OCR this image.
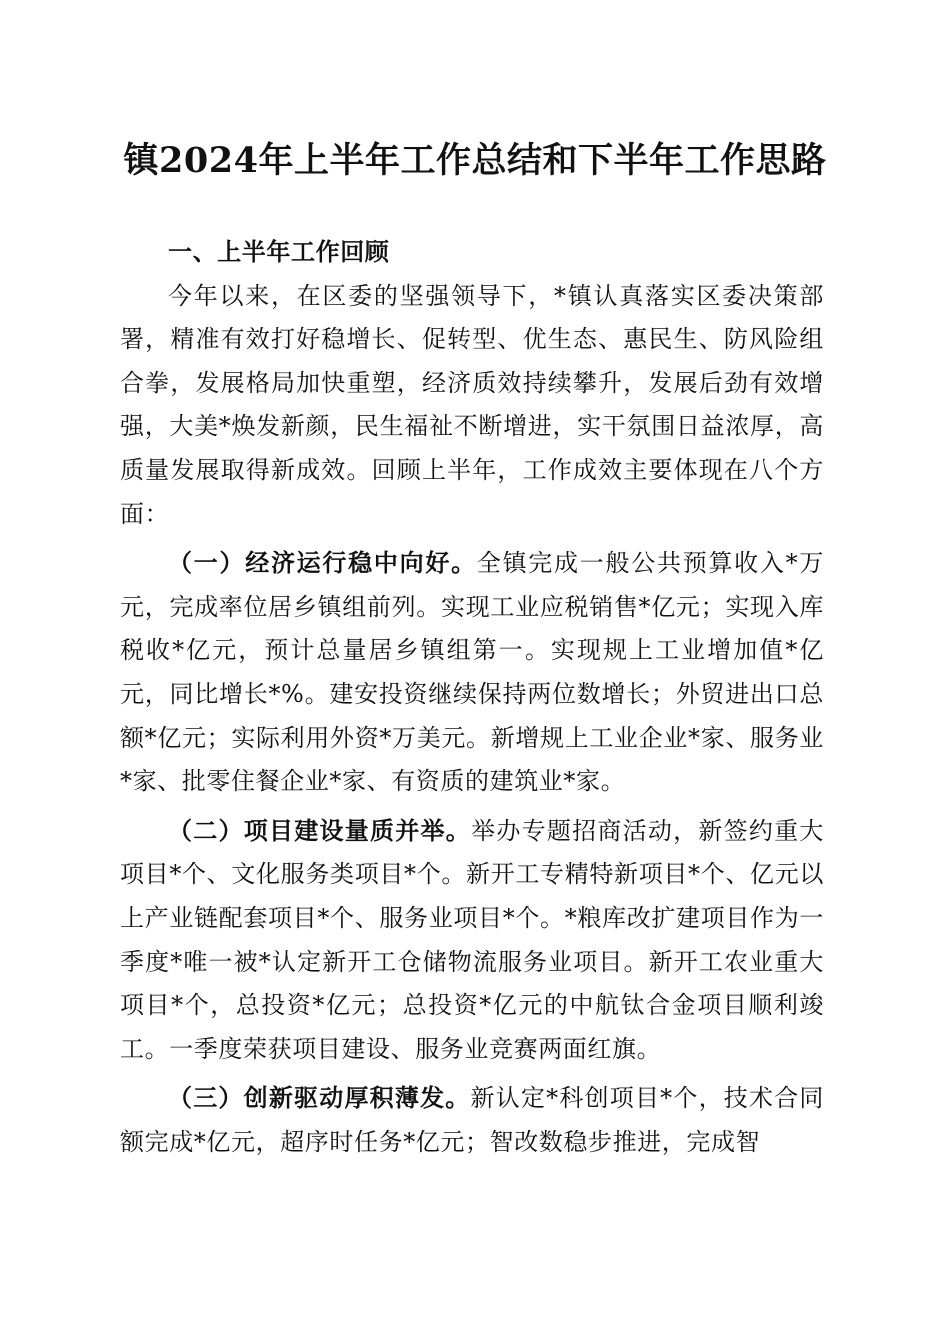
镇2024年上半年工作总结和下半年工作思路

一、上半年工作回顾

今年以来，在区委的坚强领导下，*镇认真落实区委决策部署，精准有效打好稳增长、促转型、优生态、惠民生、防风险组合拳，发展格局加快重塑，经济质效持续攀升，发展后劲有效增强，大美*焕发新颜，民生福祉不断增进，实干氛围日益浓厚，高质量发展取得新成效。回顾上半年，工作成效主要体现在八个方面：

（一）经济运行稳中向好。全镇完成一般公共预算收入*万元，完成率位居乡镇组前列。实现工业应税销售*亿元；实现入库税收*亿元，预计总量居乡镇组第一。实现规上工业增加值*亿元，同比增长*%。建安投资继续保持两位数增长；外贸进出口总额*亿元；实际利用外资*万美元。新增规上工业企业*家、服务业*家、批零住餐企业*家、有资质的建筑业*家。

（二）项目建设量质并举。举办专题招商活动，新签约重大项目*个、文化服务类项目*个。新开工专精特新项目*个、亿元以上产业链配套项目*个、服务业项目*个。*粮库改扩建项目作为一季度*唯一被*认定新开工仓储物流服务业项目。新开工农业重大项目*个，总投资*亿元；总投资*亿元的中航钛合金项目顺利竣工。一季度荣获项目建设、服务业竞赛两面红旗。

（三）创新驱动厚积薄发。新认定*科创项目*个，技术合同额完成*亿元，超序时任务*亿元；智改数稳步推进，完成智
